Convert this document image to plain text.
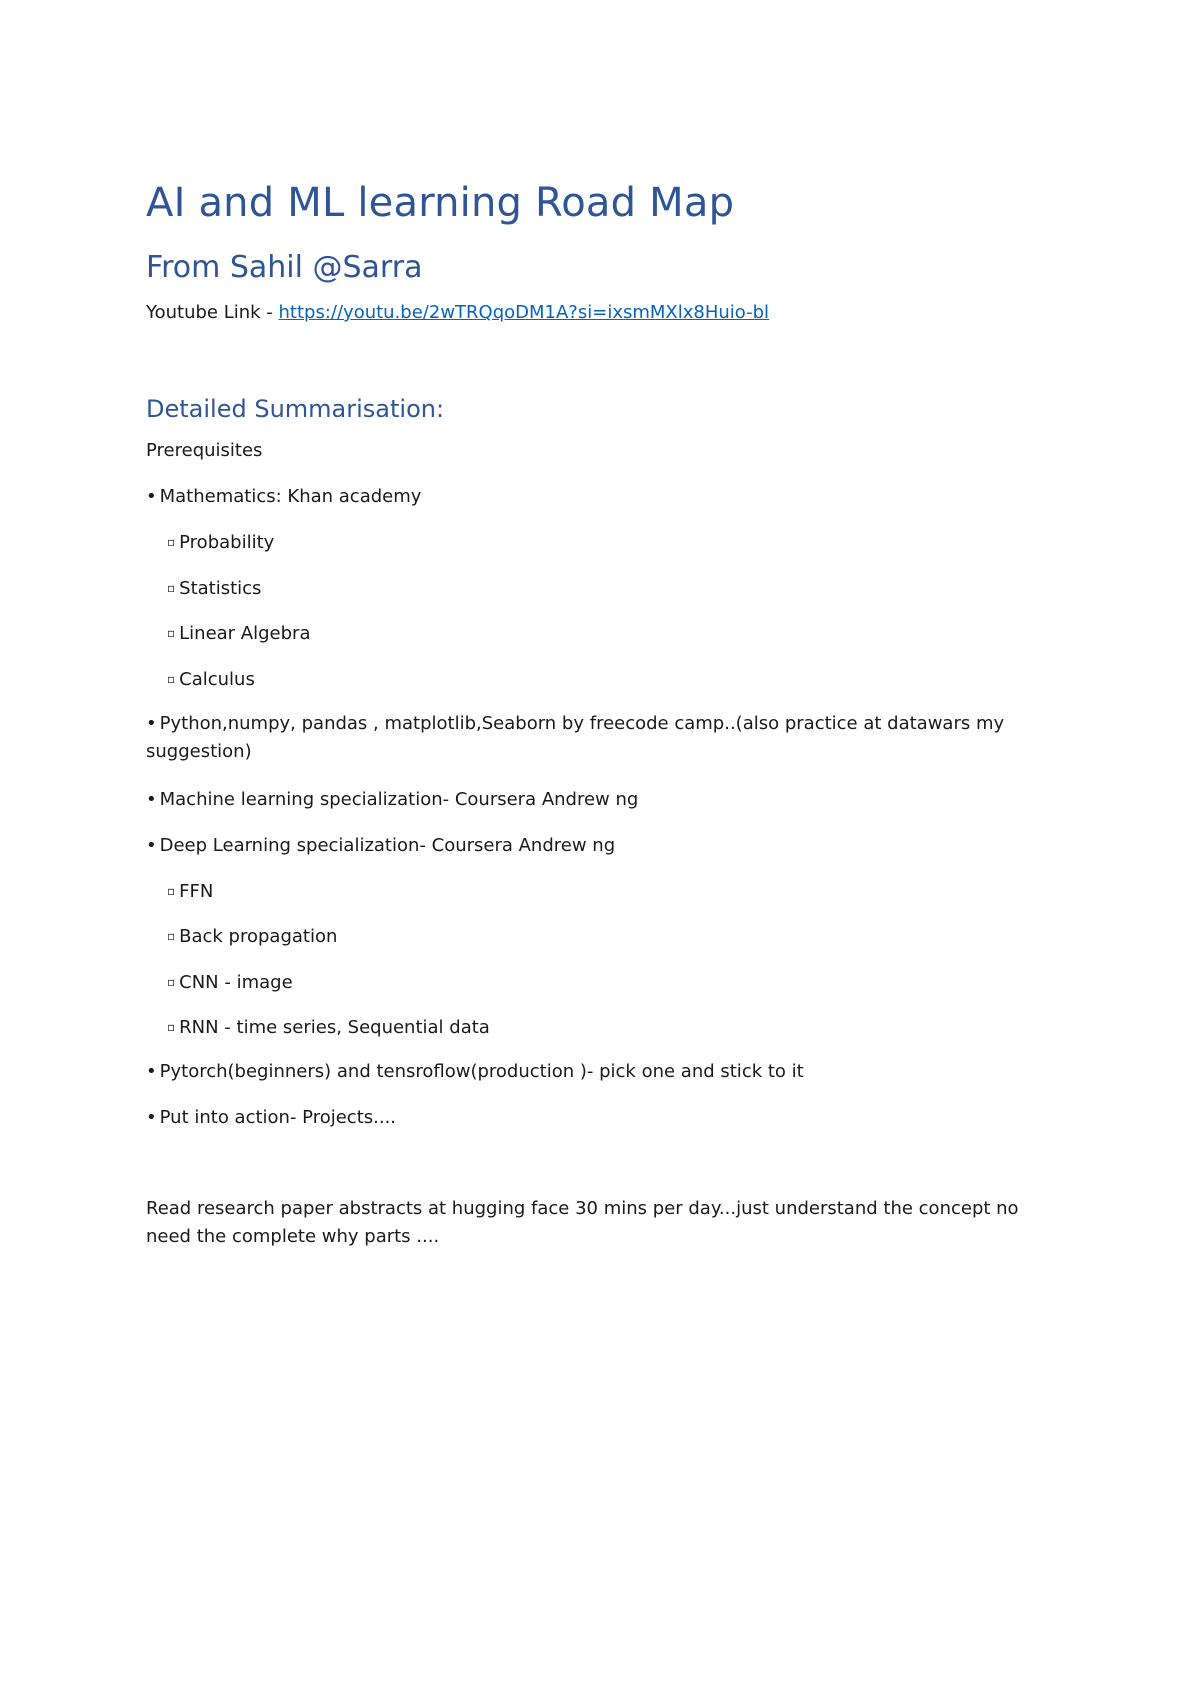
AI and ML learning Road Map
From Sahil @Sarra
Youtube Link - https://youtu.be/2wTRQqoDM1A?si=ixsmMXlx8Huio-bl
Detailed Summarisation:
Prerequisites
• Mathematics: Khan academy
▫ Probability
▫ Statistics
▫ Linear Algebra
▫ Calculus
• Python,numpy, pandas , matplotlib,Seaborn by freecode camp..(also practice at datawars my suggestion)
• Machine learning specialization- Coursera Andrew ng
• Deep Learning specialization- Coursera Andrew ng
▫ FFN
▫ Back propagation
▫ CNN - image
▫ RNN - time series, Sequential data
• Pytorch(beginners) and tensroflow(production )- pick one and stick to it
• Put into action- Projects....
Read research paper abstracts at hugging face 30 mins per day...just understand the concept no need the complete why parts ....
